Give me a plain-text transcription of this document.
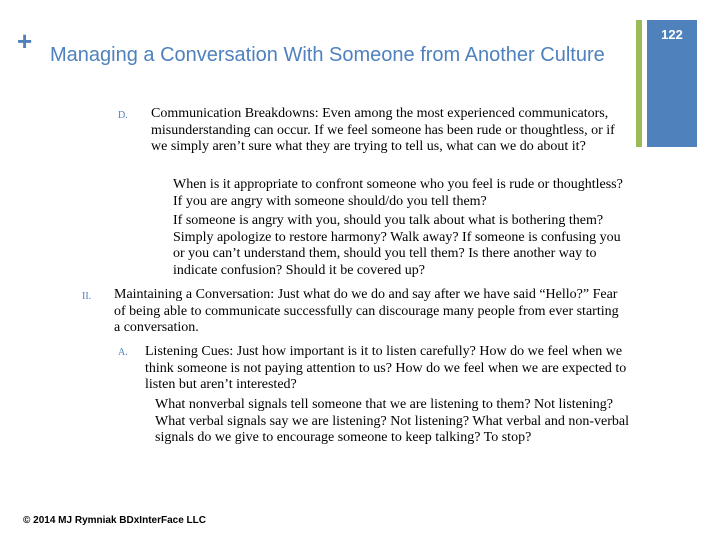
+ Managing a Conversation With Someone from Another Culture
122
D. Communication Breakdowns: Even among the most experienced communicators, misunderstanding can occur. If we feel someone has been rude or thoughtless, or if we simply aren’t sure what they are trying to tell us, what can we do about it?
When is it appropriate to confront someone who you feel is rude or thoughtless? If you are angry with someone should/do you tell them?
If someone is angry with you, should you talk about what is bothering them? Simply apologize to restore harmony? Walk away? If someone is confusing you or you can’t understand them, should you tell them? Is there another way to indicate confusion? Should it be covered up?
II. Maintaining a Conversation: Just what do we do and say after we have said “Hello?” Fear of being able to communicate successfully can discourage many people from ever starting a conversation.
A. Listening Cues: Just how important is it to listen carefully? How do we feel when we think someone is not paying attention to us? How do we feel when we are expected to listen but aren’t interested?
What nonverbal signals tell someone that we are listening to them? Not listening? What verbal signals say we are listening? Not listening? What verbal and non-verbal signals do we give to encourage someone to keep talking? To stop?
© 2014 MJ Rymniak BDxInterFace LLC
